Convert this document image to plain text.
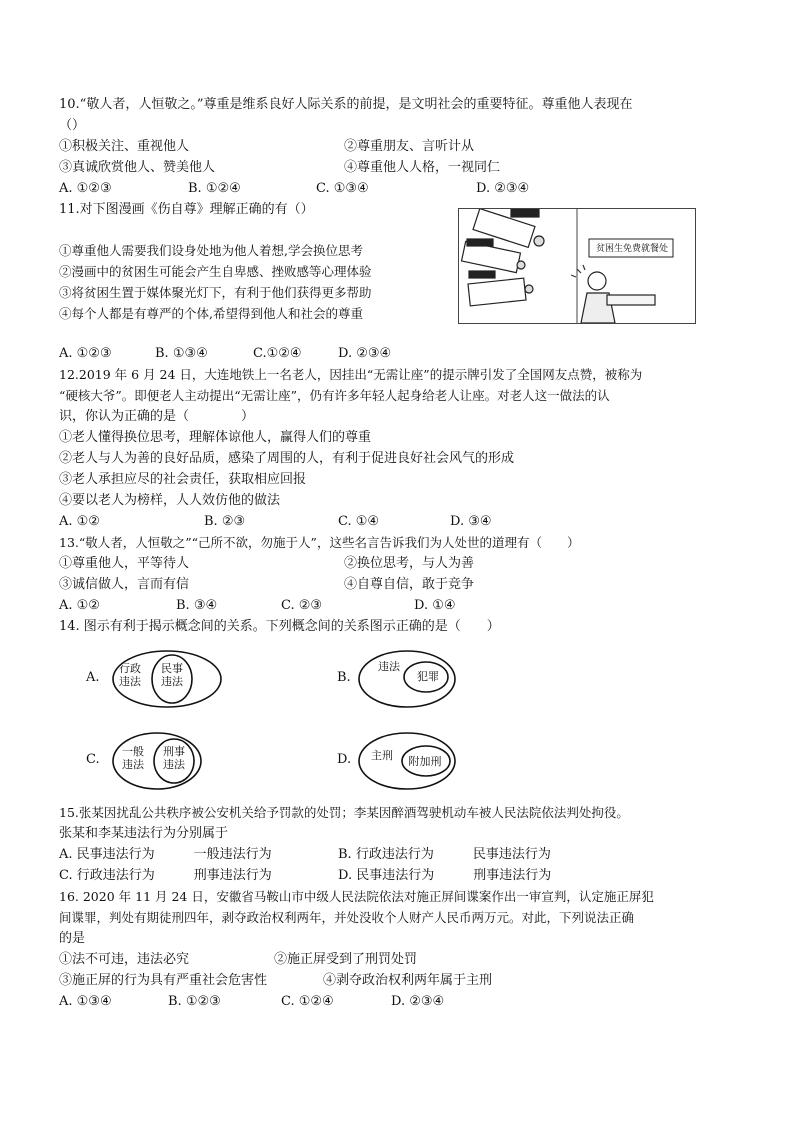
10.“敬人者，人恒敬之。”尊重是维系良好人际关系的前提，是文明社会的重要特征。尊重他人表现在
（）
①积极关注、重视他人	②尊重朋友、言听计从
③真诚欣赏他人、赞美他人	④尊重他人人格，一视同仁
A. ①②③	B. ①②④	C. ①③④	D. ②③④
11.对下图漫画《伤自尊》理解正确的有（）
①尊重他人需要我们设身处地为他人着想,学会换位思考
②漫画中的贫困生可能会产生自卑感、挫败感等心理体验
③将贫困生置于媒体聚光灯下，有利于他们获得更多帮助
④每个人都是有尊严的个体,希望得到他人和社会的尊重
贫困生免费就餐处
A. ①②③	B. ①③④	C.①②④	D. ②③④
12.2019 年 6 月 24 日，大连地铁上一名老人，因挂出“无需让座”的提示牌引发了全国网友点赞，被称为
“硬核大爷”。即便老人主动提出“无需让座”，仍有许多年轻人起身给老人让座。对老人这一做法的认
识，你认为正确的是（　　　　）
①老人懂得换位思考，理解体谅他人，赢得人们的尊重
②老人与人为善的良好品质，感染了周围的人，有利于促进良好社会风气的形成
③老人承担应尽的社会责任，获取相应回报
④要以老人为榜样，人人效仿他的做法
A. ①②	B. ②③	C. ①④	D. ③④
13.“敬人者，人恒敬之”“己所不欲，勿施于人”，这些名言告诉我们为人处世的道理有（　　）
①尊重他人，平等待人	②换位思考，与人为善
③诚信做人，言而有信	④自尊自信，敢于竞争
A. ①②	B. ③④	C. ②③	D. ①④
14. 图示有利于揭示概念间的关系。下列概念间的关系图示正确的是（　　）
A.
行政
违法
民事
违法	B.
违法
犯罪
C.
一般
违法
刑事
违法	D. 主刑	附加刑
15.张某因扰乱公共秩序被公安机关给予罚款的处罚；李某因醉酒驾驶机动车被人民法院依法判处拘役。
张某和李某违法行为分别属于
A. 民事违法行为　　　一般违法行为	B. 行政违法行为　　　民事违法行为
C. 行政违法行为　　　刑事违法行为	D. 民事违法行为　　　刑事违法行为
16. 2020 年 11 月 24 日，安徽省马鞍山市中级人民法院依法对施正屏间谍案作出一审宣判，认定施正屏犯
间谍罪，判处有期徒刑四年，剥夺政治权利两年，并处没收个人财产人民币两万元。对此，下列说法正确
的是
①法不可违，违法必究	②施正屏受到了刑罚处罚
③施正屏的行为具有严重社会危害性	④剥夺政治权利两年属于主刑
A. ①③④	B. ①②③	C. ①②④	D. ②③④
